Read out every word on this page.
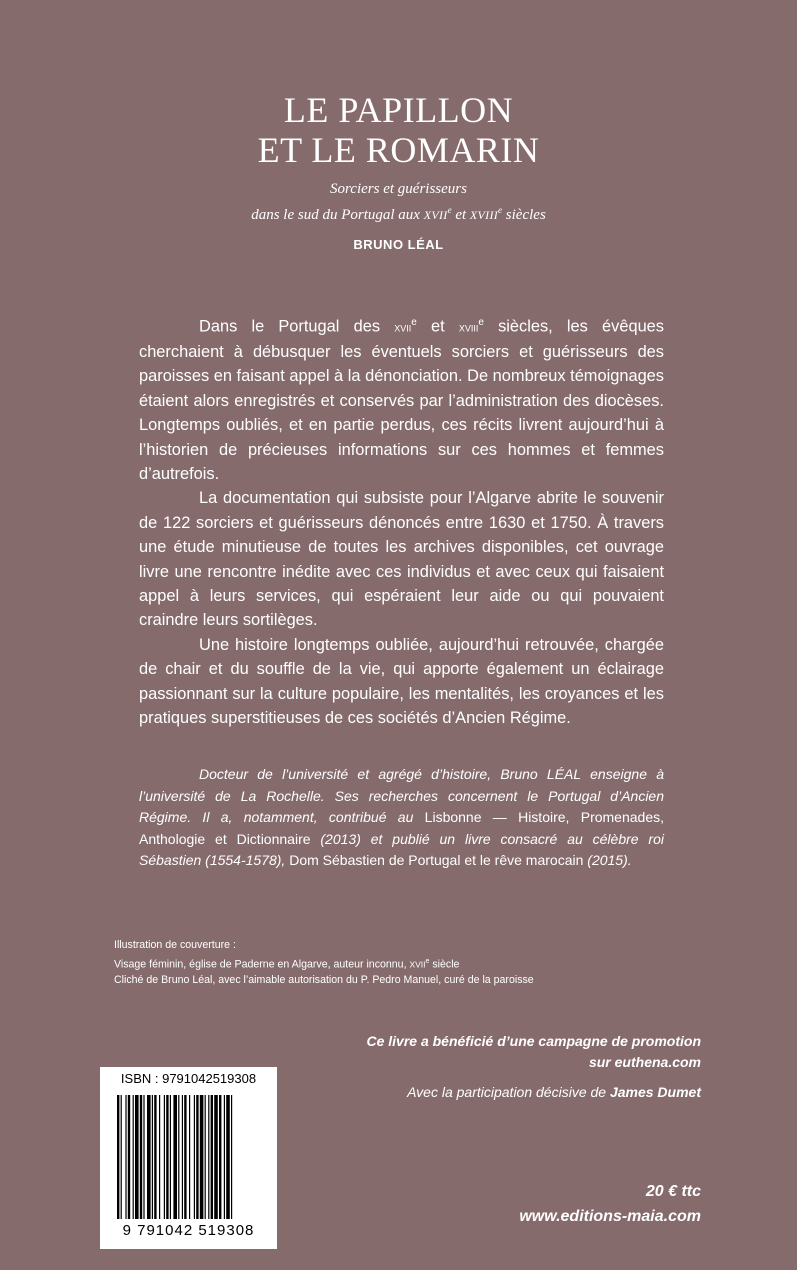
LE PAPILLON
ET LE ROMARIN
Sorciers et guérisseurs
dans le sud du Portugal aux XVIIe et XVIIIe siècles
BRUNO LÉAL

Dans le Portugal des xvii$^e$ et xviii$^e$ siècles, les évêques cherchaient à débusquer les éventuels sorciers et guérisseurs des paroisses en faisant appel à la dénonciation. De nombreux témoignages étaient alors enregistrés et conservés par l’administration des diocèses. Longtemps oubliés, et en partie perdus, ces récits livrent aujourd’hui à l’historien de précieuses informations sur ces hommes et femmes d’autrefois.

La documentation qui subsiste pour l’Algarve abrite le souvenir de 122 sorciers et guérisseurs dénoncés entre 1630 et 1750. À travers une étude minutieuse de toutes les archives disponibles, cet ouvrage livre une rencontre inédite avec ces individus et avec ceux qui faisaient appel à leurs services, qui espéraient leur aide ou qui pouvaient craindre leurs sortilèges.

Une histoire longtemps oubliée, aujourd’hui retrouvée, chargée de chair et du souffle de la vie, qui apporte également un éclairage passionnant sur la culture populaire, les mentalités, les croyances et les pratiques superstitieuses de ces sociétés d’Ancien Régime.

Docteur de l’université et agrégé d’histoire, Bruno LÉAL enseigne à l’université de La Rochelle. Ses recherches concernent le Portugal d’Ancien Régime. Il a, notamment, contribué au Lisbonne — Histoire, Promenades, Anthologie et Dictionnaire (2013) et publié un livre consacré au célèbre roi Sébastien (1554-1578), Dom Sébastien de Portugal et le rêve marocain (2015).
Illustration de couverture :
Visage féminin, église de Paderne en Algarve, auteur inconnu, XVIIe siècle
Cliché de Bruno Léal, avec l’aimable autorisation du P. Pedro Manuel, curé de la paroisse
Ce livre a bénéficié d’une campagne de promotion
sur euthena.com
Avec la participation décisive de James Dumet
ISBN : 9791042519308
9 791042 519308
20 € ttc
www.editions-maia.com
